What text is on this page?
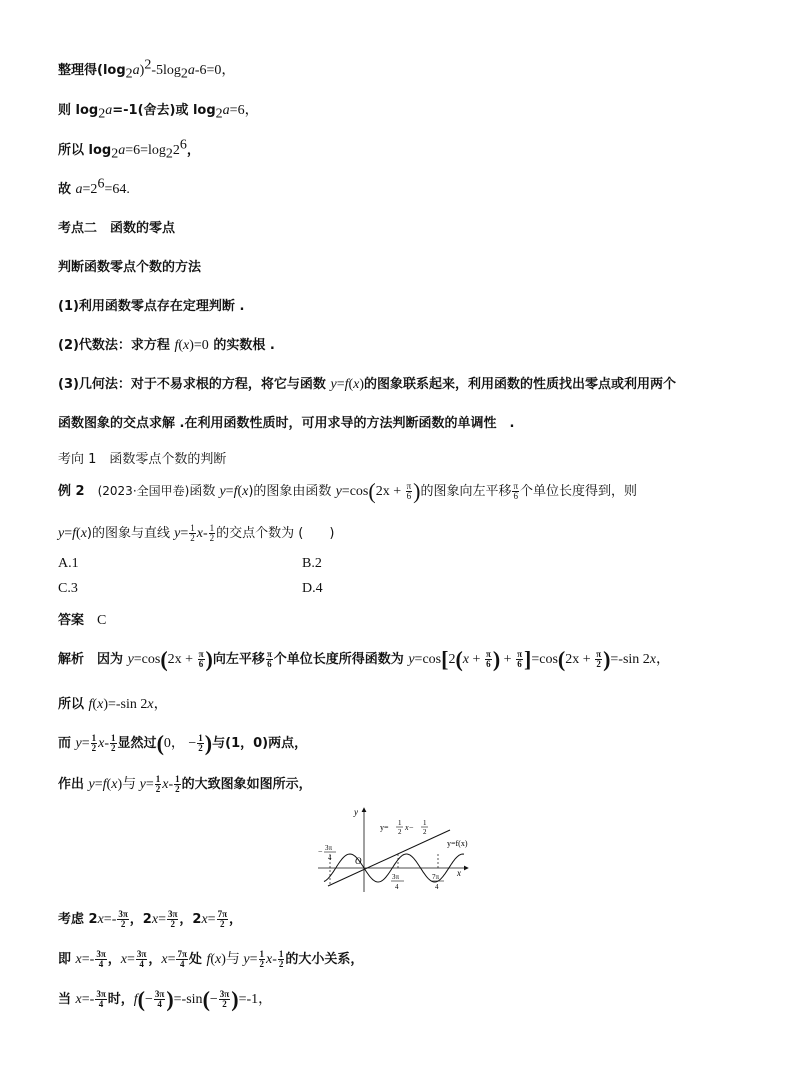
整理得$(\log_2a)^2-5\log_2a-6=0$，
则 $\log_2a=-1$(舍去)或 $\log_2a=6$，
所以 $\log_2a=6=\log_22^6$，
故 $a=2^6=64$.
考点二　函数的零点
判断函数零点个数的方法
(1)利用函数零点存在定理判断 .
(2)代数法：求方程 f(x)=0 的实数根 .
(3)几何法：对于不易求根的方程，将它与函数 y=f(x)的图象联系起来，利用函数的性质找出零点或利用两个
函数图象的交点求解 .在利用函数性质时，可用求导的方法判断函数的单调性　.
考向 1　函数零点个数的判断
例 2　 (2023·全国甲卷)函数 y=f(x)的图象由函数 $y=\cos(2x + \frac{\pi}{6}$ )的图象向左平移 $\frac{\pi}{6}$ 个单位长度得到，则
y=f(x)的图象与直线 $y= \frac{1}{2} x- \frac{1}{2}$ 的交点个数为 (　　)
A.1	B.2
C.3	D.4
答案　 C
解析　 因为 $y=\cos(2x + \frac{\pi}{6}$ )向左平移 $\frac{\pi}{6}$ 个单位长度所得函数为 $y=\cos[2(x + \frac{\pi}{6}$ ) + $\frac{\pi}{6} ]=\cos(2x + \frac{\pi}{2} )=-\sin$ 2x，
所以 f(x)=-sin 2x，
而 $y= \frac{1}{2} x- \frac{1}{2}$ 显然过(0， − $\frac{1}{2}$ )与(1，0)两点，
作出 y=f(x)与 $y= \frac{1}{2} x- \frac{1}{2}$ 的大致图象如图所示，
y
x
O
y= 1
2 x− 1
2
y=f(x)
− 3π
4
3π
4
7π
4
考虑 $2x=- \frac{3\pi}{2}$ ，$2x= \frac{3\pi}{2}$ ，$2x= \frac{7\pi}{2}$ ，
即 $x=- \frac{3\pi}{4}$ ，$x= \frac{3\pi}{4}$ ，$x= \frac{7\pi}{4}$ 处 f(x)与 $y= \frac{1}{2} x- \frac{1}{2}$ 的大小关系，
当 $x=- \frac{3\pi}{4}$ 时，$f(- \frac{3\pi}{4} )=-\sin(- \frac{3\pi}{2} )=-1$，
